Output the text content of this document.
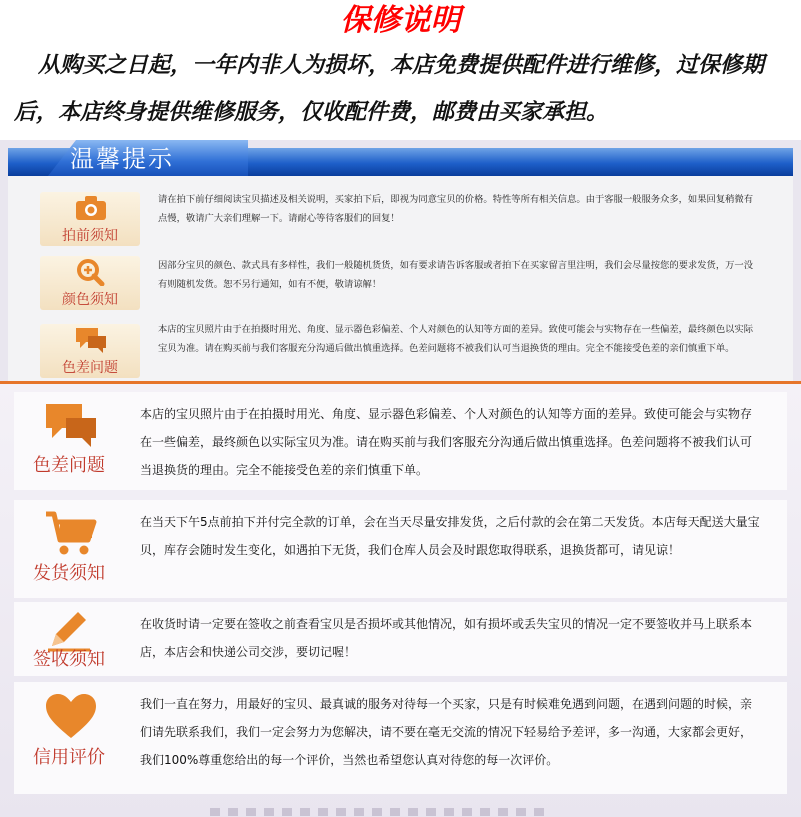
保修说明
从购买之日起，一年内非人为损坏，本店免费提供配件进行维修，过保修期后，本店终身提供维修服务，仅收配件费，邮费由买家承担。
温馨提示
拍前须知
请在拍下前仔细阅读宝贝描述及相关说明，买家拍下后，即视为同意宝贝的价格。特性等所有相关信息。由于客服一般服务众多，如果回复稍微有点慢，敬请广大亲们理解一下。请耐心等待客服们的回复！
颜色须知
因部分宝贝的颜色、款式具有多样性，我们一般随机货货，如有要求请告诉客服或者拍下在买家留言里注明，我们会尽量按您的要求发货，万一没有则随机发货。恕不另行通知，如有不便，敬请谅解！
色差问题
本店的宝贝照片由于在拍摄时用光、角度、显示器色彩偏差、个人对颜色的认知等方面的差异。致使可能会与实物存在一些偏差，最终颜色以实际宝贝为准。请在购买前与我们客服充分沟通后做出慎重选择。色差问题将不被我们认可当退换货的理由。完全不能接受色差的亲们慎重下单。
色差问题
本店的宝贝照片由于在拍摄时用光、角度、显示器色彩偏差、个人对颜色的认知等方面的差异。致使可能会与实物存在一些偏差，最终颜色以实际宝贝为准。请在购买前与我们客服充分沟通后做出慎重选择。色差问题将不被我们认可当退换货的理由。完全不能接受色差的亲们慎重下单。
发货须知
在当天下午5点前拍下并付完全款的订单，会在当天尽量安排发货，之后付款的会在第二天发货。本店每天配送大量宝贝，库存会随时发生变化，如遇拍下无货，我们仓库人员会及时跟您取得联系，退换货都可，请见谅！
签收须知
在收货时请一定要在签收之前查看宝贝是否损坏或其他情况，如有损坏或丢失宝贝的情况一定不要签收并马上联系本店，本店会和快递公司交涉，要切记喔！
信用评价
我们一直在努力，用最好的宝贝、最真诚的服务对待每一个买家，只是有时候难免遇到问题，在遇到问题的时候，亲们请先联系我们，我们一定会努力为您解决，请不要在毫无交流的情况下轻易给予差评，多一沟通，大家都会更好，我们100%尊重您给出的每一个评价，当然也希望您认真对待您的每一次评价。
